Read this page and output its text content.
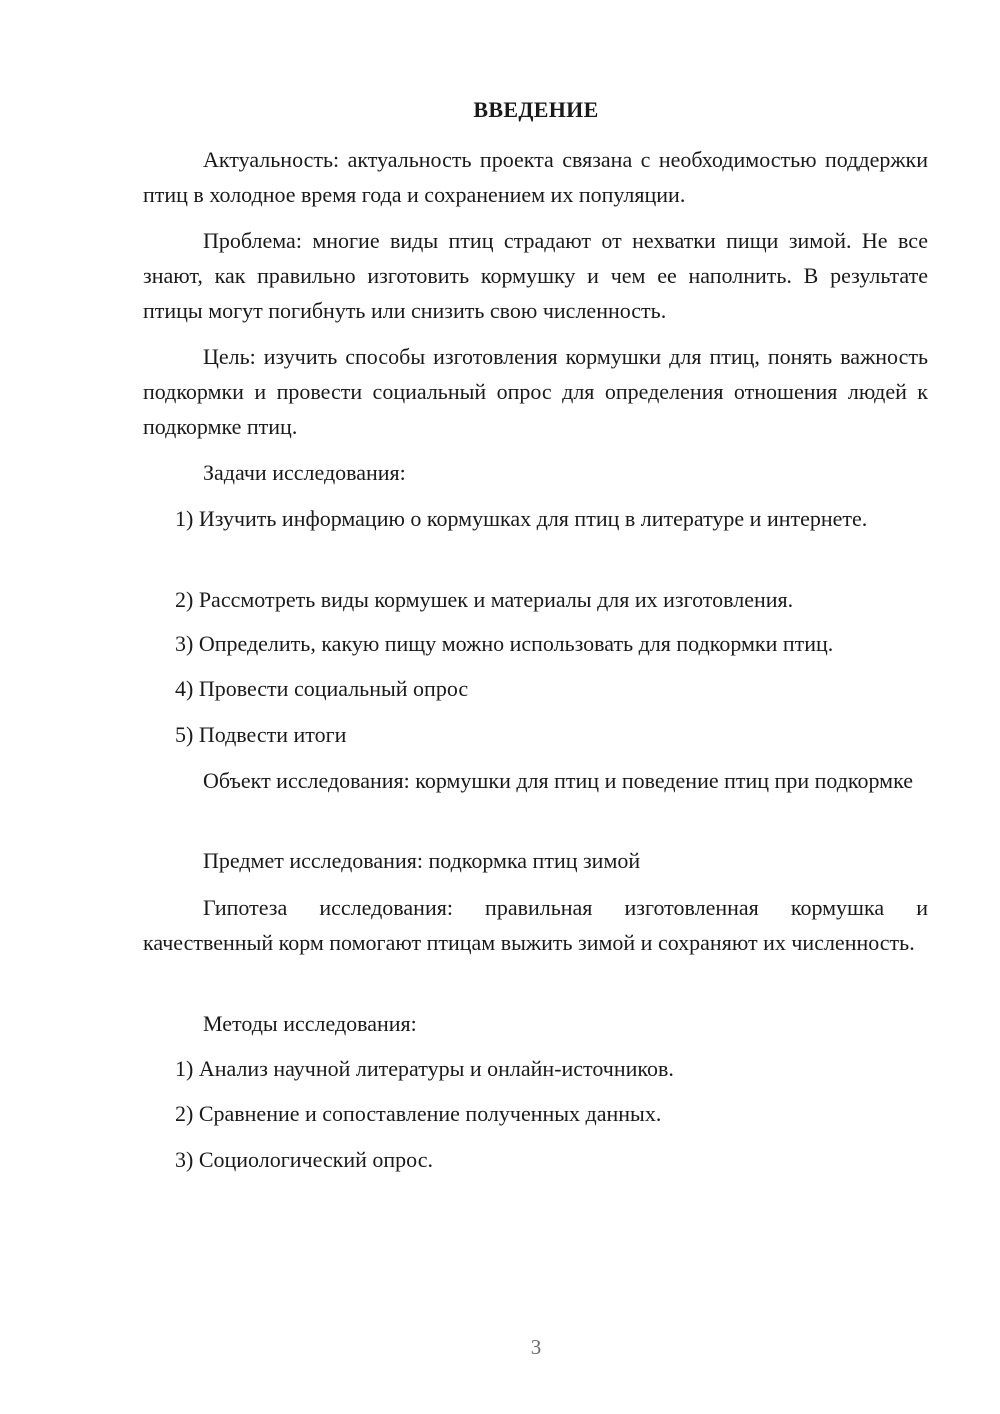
ВВЕДЕНИЕ

Актуальность: актуальность проекта связана с необходимостью поддержки птиц в холодное время года и сохранением их популяции.

Проблема: многие виды птиц страдают от нехватки пищи зимой. Не все знают, как правильно изготовить кормушку и чем ее наполнить. В результате птицы могут погибнуть или снизить свою численность.

Цель: изучить способы изготовления кормушки для птиц, понять важность подкормки и провести социальный опрос для определения отношения людей к подкормке птиц.

Задачи исследования:

1) Изучить информацию о кормушках для птиц в литературе и интернете.

2) Рассмотреть виды кормушек и материалы для их изготовления.

3) Определить, какую пищу можно использовать для подкормки птиц.

4) Провести социальный опрос

5) Подвести итоги

Объект исследования: кормушки для птиц и поведение птиц при подкормке

Предмет исследования: подкормка птиц зимой

Гипотеза исследования: правильная изготовленная кормушка и качественный корм помогают птицам выжить зимой и сохраняют их численность.

Методы исследования:

1) Анализ научной литературы и онлайн-источников.

2) Сравнение и сопоставление полученных данных.

3) Социологический опрос.

3
